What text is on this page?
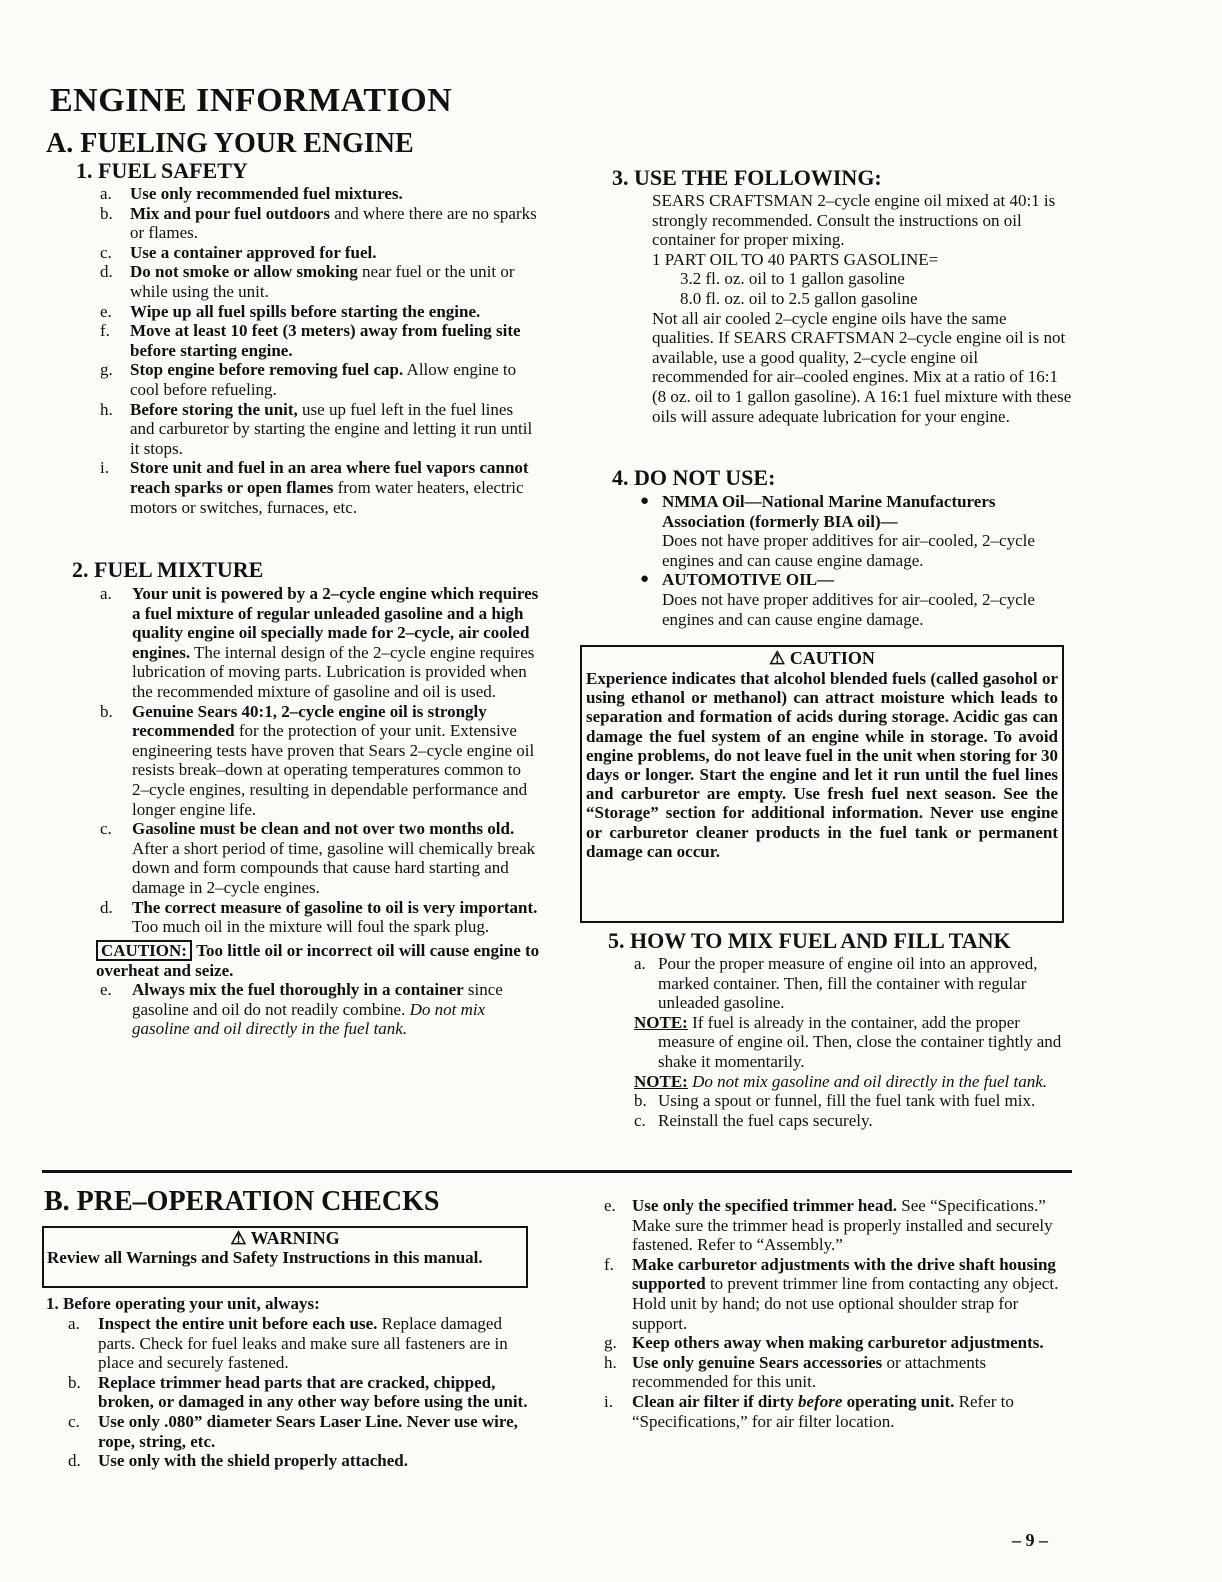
ENGINE INFORMATION
A. FUELING YOUR ENGINE
1. FUEL SAFETY
a. Use only recommended fuel mixtures.
b. Mix and pour fuel outdoors and where there are no sparks or flames.
c. Use a container approved for fuel.
d. Do not smoke or allow smoking near fuel or the unit or while using the unit.
e. Wipe up all fuel spills before starting the engine.
f. Move at least 10 feet (3 meters) away from fueling site before starting engine.
g. Stop engine before removing fuel cap. Allow engine to cool before refueling.
h. Before storing the unit, use up fuel left in the fuel lines and carburetor by starting the engine and letting it run until it stops.
i. Store unit and fuel in an area where fuel vapors cannot reach sparks or open flames from water heaters, electric motors or switches, furnaces, etc.
2. FUEL MIXTURE
a. Your unit is powered by a 2–cycle engine which requires a fuel mixture of regular unleaded gasoline and a high quality engine oil specially made for 2–cycle, air cooled engines. The internal design of the 2–cycle engine requires lubrication of moving parts. Lubrication is provided when the recommended mixture of gasoline and oil is used.
b. Genuine Sears 40:1, 2–cycle engine oil is strongly recommended for the protection of your unit. Extensive engineering tests have proven that Sears 2–cycle engine oil resists break–down at operating temperatures common to 2–cycle engines, resulting in dependable performance and longer engine life.
c. Gasoline must be clean and not over two months old. After a short period of time, gasoline will chemically break down and form compounds that cause hard starting and damage in 2–cycle engines.
d. The correct measure of gasoline to oil is very important. Too much oil in the mixture will foul the spark plug.
CAUTION: Too little oil or incorrect oil will cause engine to overheat and seize.
e. Always mix the fuel thoroughly in a container since gasoline and oil do not readily combine. Do not mix gasoline and oil directly in the fuel tank.
3. USE THE FOLLOWING:
SEARS CRAFTSMAN 2–cycle engine oil mixed at 40:1 is strongly recommended. Consult the instructions on oil container for proper mixing.
1 PART OIL TO 40 PARTS GASOLINE=
3.2 fl. oz. oil to 1 gallon gasoline
8.0 fl. oz. oil to 2.5 gallon gasoline
Not all air cooled 2–cycle engine oils have the same qualities. If SEARS CRAFTSMAN 2–cycle engine oil is not available, use a good quality, 2–cycle engine oil recommended for air–cooled engines. Mix at a ratio of 16:1 (8 oz. oil to 1 gallon gasoline). A 16:1 fuel mixture with these oils will assure adequate lubrication for your engine.
4. DO NOT USE:
● NMMA Oil––National Marine Manufacturers Association (formerly BIA oil)––
Does not have proper additives for air–cooled, 2–cycle engines and can cause engine damage.
● AUTOMOTIVE OIL––
Does not have proper additives for air–cooled, 2–cycle engines and can cause engine damage.
⚠ CAUTION
Experience indicates that alcohol blended fuels (called gasohol or using ethanol or methanol) can attract moisture which leads to separation and formation of acids during storage. Acidic gas can damage the fuel system of an engine while in storage. To avoid engine problems, do not leave fuel in the unit when storing for 30 days or longer. Start the engine and let it run until the fuel lines and carburetor are empty. Use fresh fuel next season. See the “Storage” section for additional information. Never use engine or carburetor cleaner products in the fuel tank or permanent damage can occur.
5. HOW TO MIX FUEL AND FILL TANK
a. Pour the proper measure of engine oil into an approved, marked container. Then, fill the container with regular unleaded gasoline.
NOTE: If fuel is already in the container, add the proper measure of engine oil. Then, close the container tightly and shake it momentarily.
NOTE: Do not mix gasoline and oil directly in the fuel tank.
b. Using a spout or funnel, fill the fuel tank with fuel mix.
c. Reinstall the fuel caps securely.
B. PRE–OPERATION CHECKS
⚠ WARNING
Review all Warnings and Safety Instructions in this manual.
1. Before operating your unit, always:
a. Inspect the entire unit before each use. Replace damaged parts. Check for fuel leaks and make sure all fasteners are in place and securely fastened.
b. Replace trimmer head parts that are cracked, chipped, broken, or damaged in any other way before using the unit.
c. Use only .080” diameter Sears Laser Line. Never use wire, rope, string, etc.
d. Use only with the shield properly attached.
e. Use only the specified trimmer head. See “Specifications.” Make sure the trimmer head is properly installed and securely fastened. Refer to “Assembly.”
f. Make carburetor adjustments with the drive shaft housing supported to prevent trimmer line from contacting any object. Hold unit by hand; do not use optional shoulder strap for support.
g. Keep others away when making carburetor adjustments.
h. Use only genuine Sears accessories or attachments recommended for this unit.
i. Clean air filter if dirty before operating unit. Refer to “Specifications,” for air filter location.
– 9 –
